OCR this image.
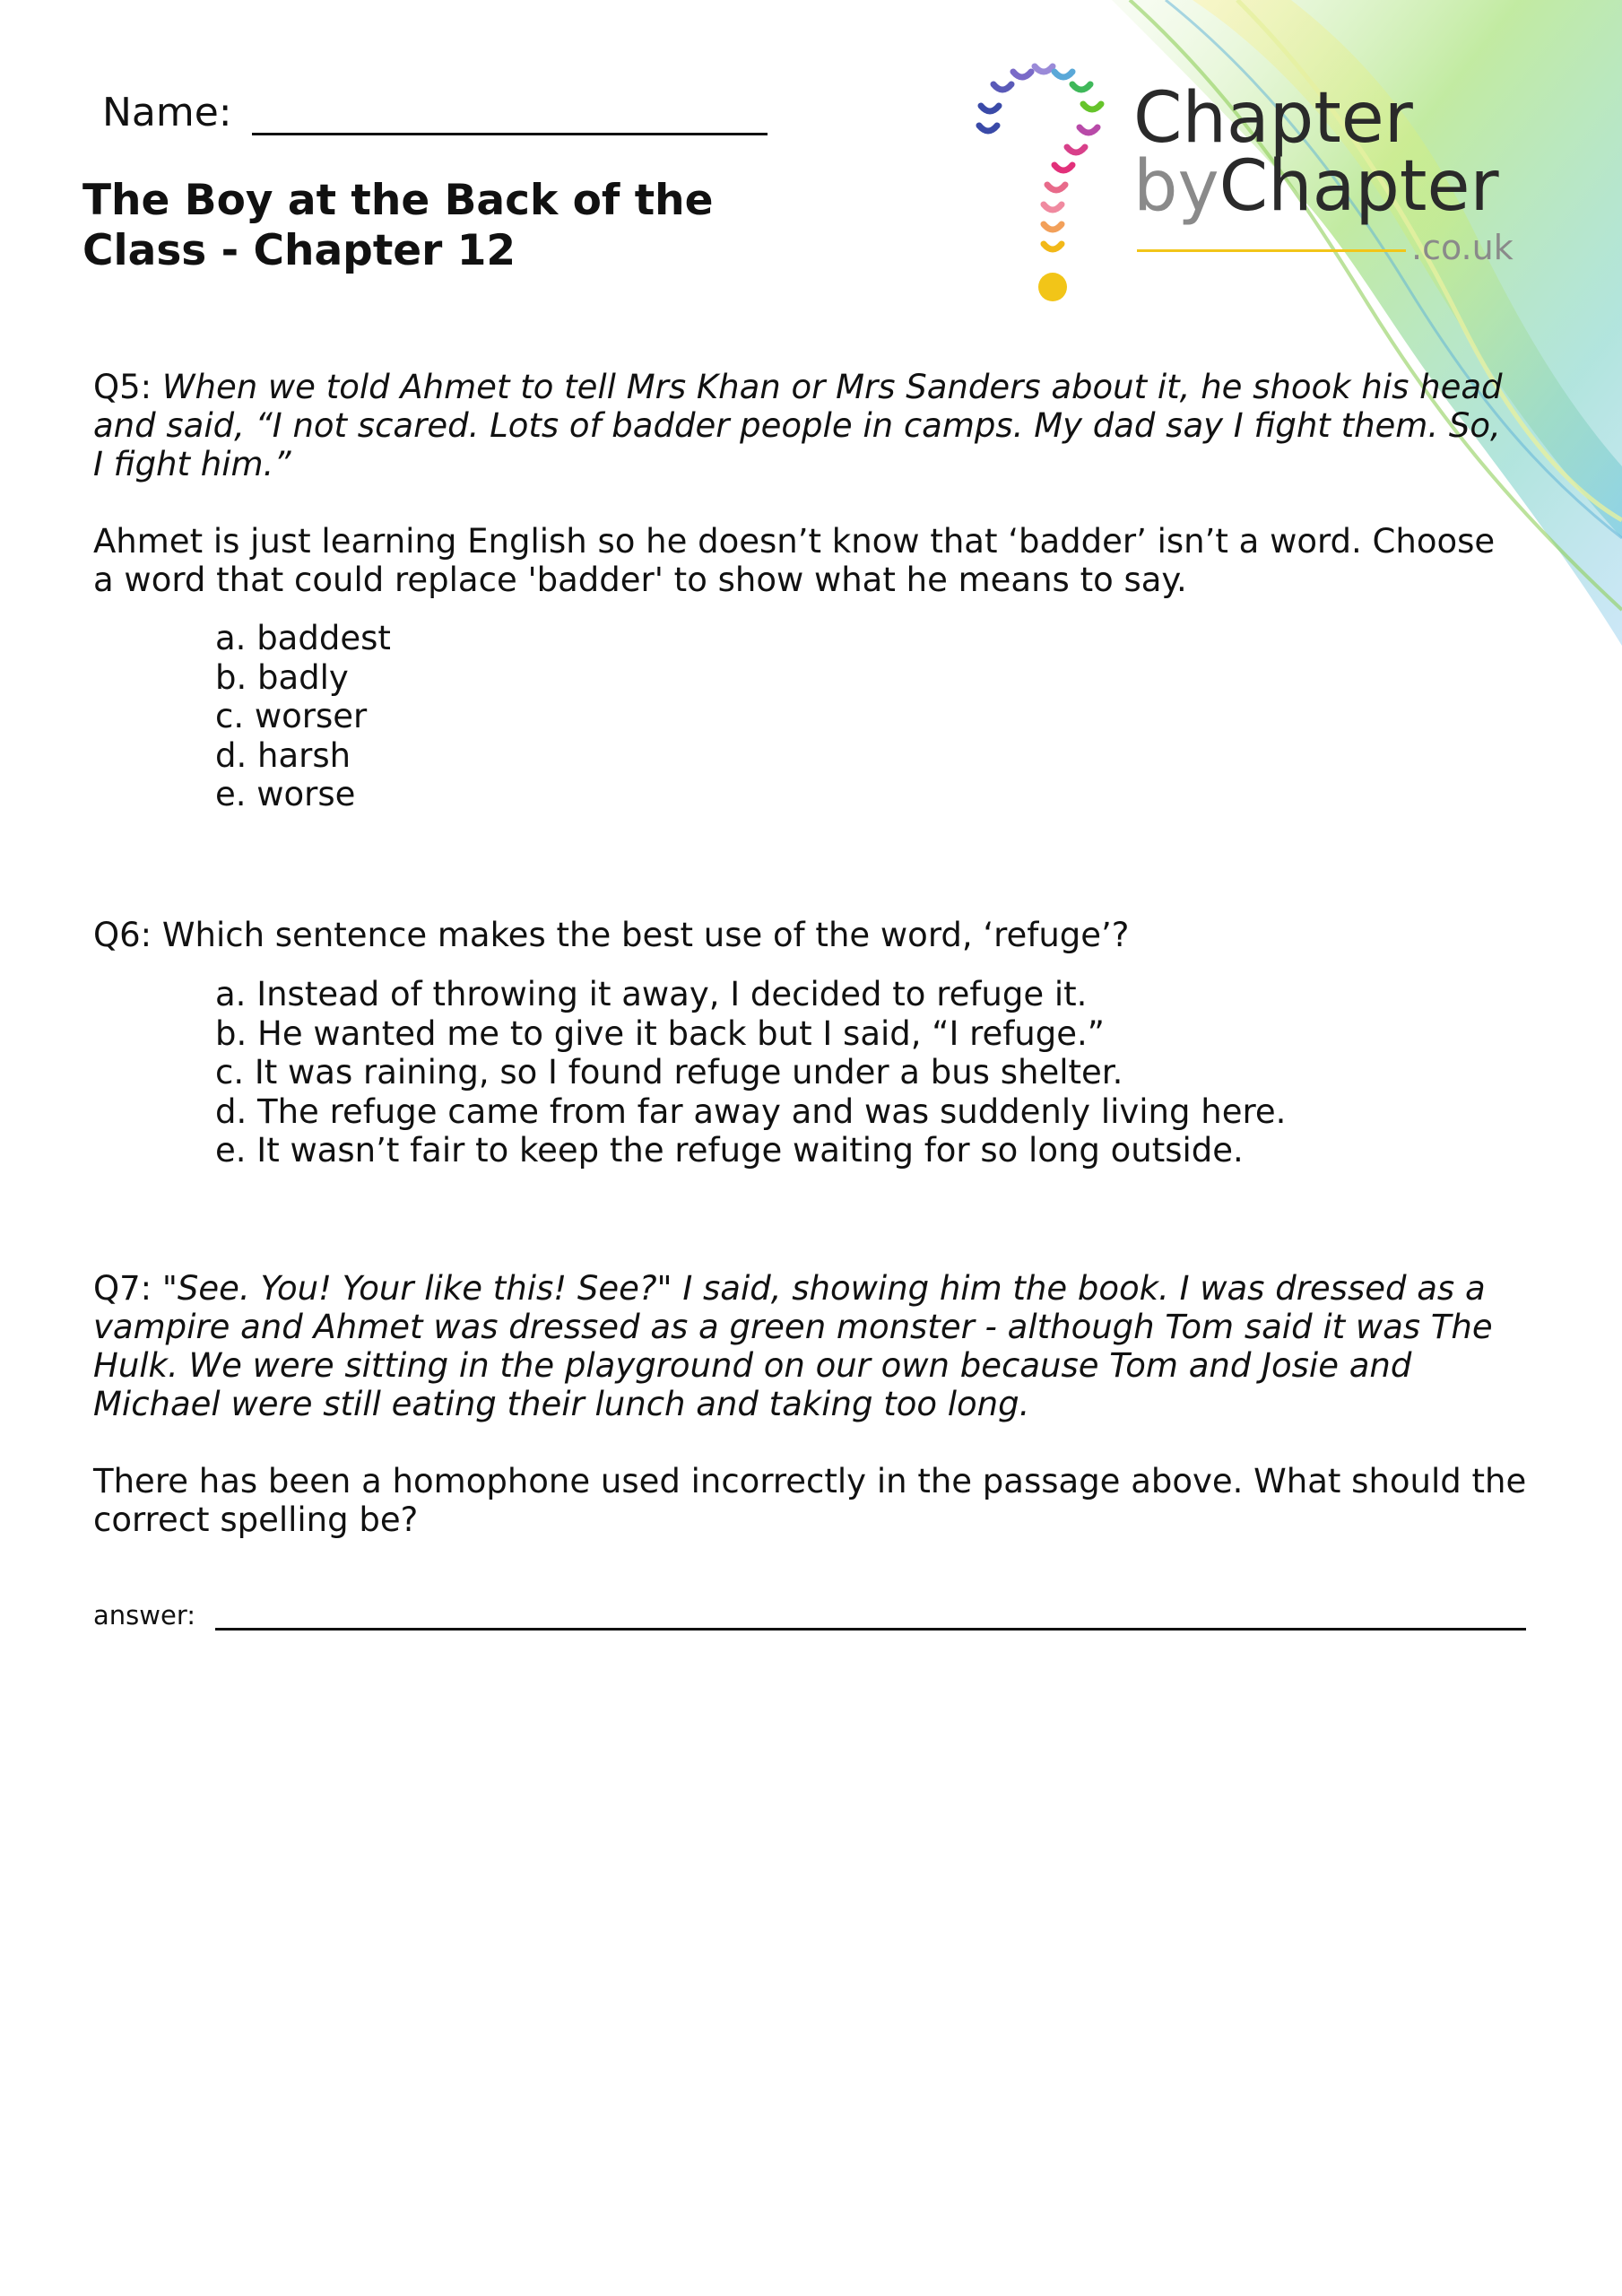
Name:
The Boy at the Back of the Class - Chapter 12
Chapter
byChapter
.co.uk

Q5: When we told Ahmet to tell Mrs Khan or Mrs Sanders about it, he shook his head and said, “I not scared. Lots of badder people in camps. My dad say I fight them. So, I fight him.”

Ahmet is just learning English so he doesn’t know that ‘badder’ isn’t a word. Choose a word that could replace 'badder' to show what he means to say.

a. baddest
b. badly
c. worser
d. harsh
e. worse

Q6: Which sentence makes the best use of the word, ‘refuge’?

a. Instead of throwing it away, I decided to refuge it.
b. He wanted me to give it back but I said, “I refuge.”
c. It was raining, so I found refuge under a bus shelter.
d. The refuge came from far away and was suddenly living here.
e. It wasn’t fair to keep the refuge waiting for so long outside.

Q7: "See. You! Your like this! See?" I said, showing him the book. I was dressed as a vampire and Ahmet was dressed as a green monster - although Tom said it was The Hulk. We were sitting in the playground on our own because Tom and Josie and Michael were still eating their lunch and taking too long.

There has been a homophone used incorrectly in the passage above. What should the correct spelling be?

answer:
